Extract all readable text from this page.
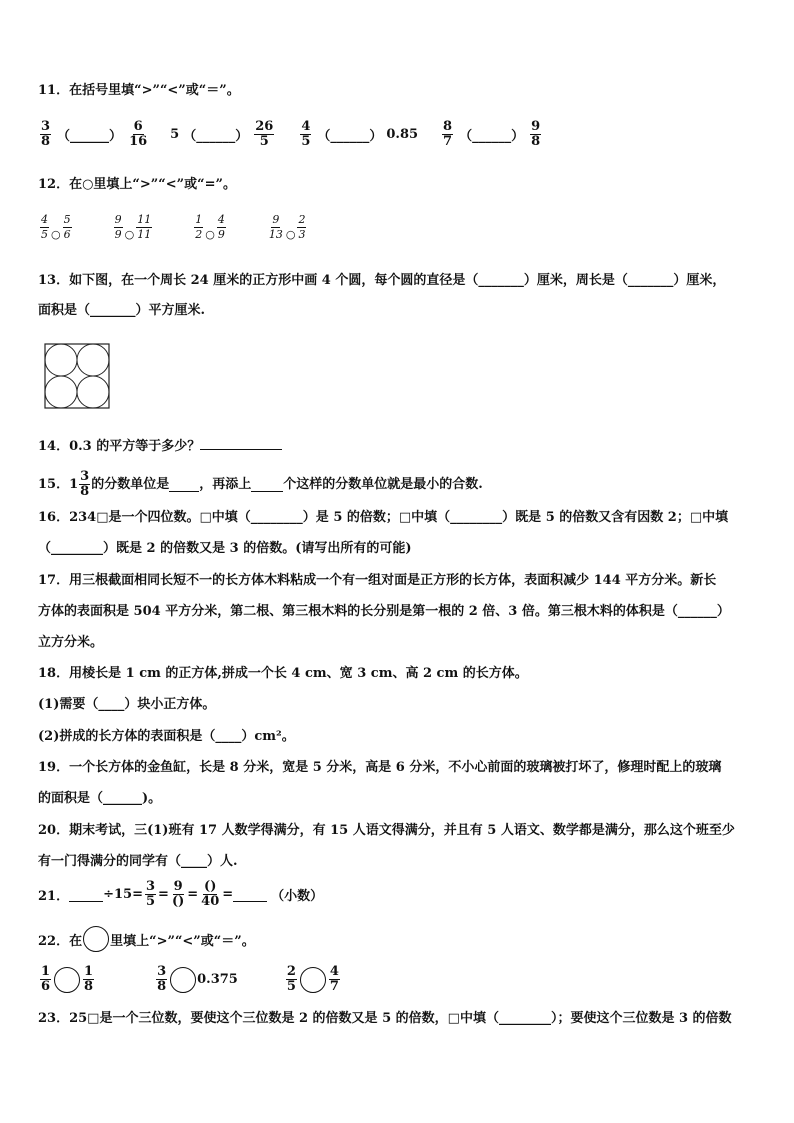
11．在括号里填“>”“<”或“＝”。
$\frac{3}{8}$ （______） $\frac{6}{16} 5$ （______） $\frac{26}{5} \frac{4}{5}$ （______） $0.85 \frac{8}{7}$ （______） $\frac{9}{8}$
12．在○里填上“>”“<”或“=”。
$\frac{4}{5}$ ○ $\frac{5}{6}$	$\frac{9}{9}$ ○ $\frac{11}{11}$	$\frac{1}{2}$ ○ $\frac{4}{9}$	$\frac{9}{13}$ ○ $\frac{2}{3}$
13．如下图，在一个周长 24 厘米的正方形中画 4 个圆，每个圆的直径是（_______）厘米，周长是（_______）厘米，
面积是（_______）平方厘米.
14．0.3 的平方等于多少？
15．$1 \frac{3}{8}$ 的分数单位是 ，再添上 个这样的分数单位就是最小的合数.
16．234□是一个四位数。□中填（________）是 5 的倍数；□中填（________）既是 5 的倍数又含有因数 2；□中填
（________）既是 2 的倍数又是 3 的倍数。(请写出所有的可能)
17．用三根截面相同长短不一的长方体木料粘成一个有一组对面是正方形的长方体，表面积减少 144 平方分米。新长
方体的表面积是 504 平方分米，第二根、第三根木料的长分别是第一根的 2 倍、3 倍。第三根木料的体积是（______）
立方分米。
18．用棱长是 1 cm 的正方体,拼成一个长 4 cm、宽 3 cm、高 2 cm 的长方体。
(1)需要（____）块小正方体。
(2)拼成的长方体的表面积是（____）cm²。
19．一个长方体的金鱼缸，长是 8 分米，宽是 5 分米，高是 6 分米，不小心前面的玻璃被打坏了，修理时配上的玻璃
的面积是（______)。
20．期末考试，三(1)班有 17 人数学得满分，有 15 人语文得满分，并且有 5 人语文、数学都是满分，那么这个班至少
有一门得满分的同学有（____）人.
21．	$\div 15= \frac{3}{5} = \frac{9}{()} = \frac{()}{40}$ =	（小数）
22．在 里填上“>”“<”或“＝”。
$\frac{1}{6} \frac{1}{8}$	$\frac{3}{8} 0.375$	$\frac{2}{5} \frac{4}{7}$
23．25□是一个三位数，要使这个三位数是 2 的倍数又是 5 的倍数，□中填（________）；要使这个三位数是 3 的倍数
